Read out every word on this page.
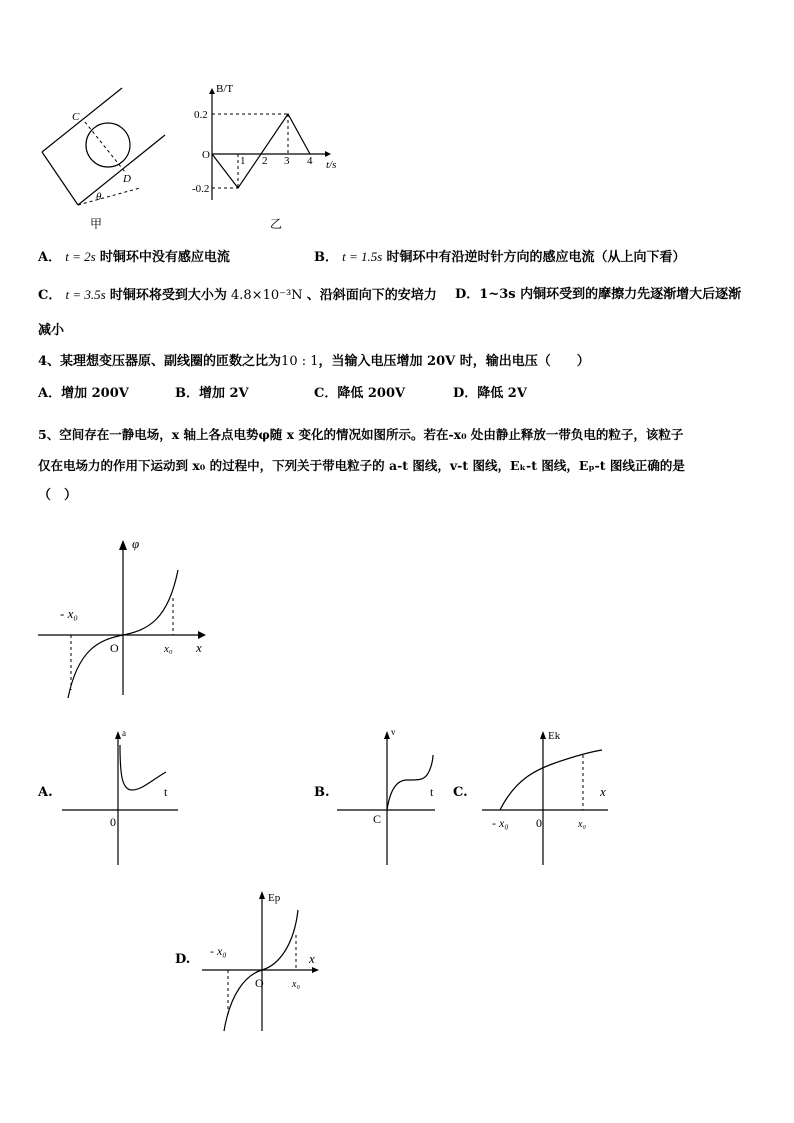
C
D
θ
甲
B/T
0.2
O
-0.2
1 2 3 4 t/s
乙
A． t = 2s 时铜环中没有感应电流	B． t = 1.5s 时铜环中有沿逆时针方向的感应电流（从上向下看）
C． t = 3.5s 时铜环将受到大小为 4.8×10⁻³N 、沿斜面向下的安培力 D．1~3s 内铜环受到的摩擦力先逐渐增大后逐渐
减小
4、某理想变压器原、副线圈的匝数之比为10 : 1，当输入电压增加 20V 时，输出电压（　　）
A．增加 200V	B．增加 2V	C．降低 200V	D．降低 2V
5、空间存在一静电场，x 轴上各点电势φ随 x 变化的情况如图所示。若在-x₀ 处由静止释放一带负电的粒子，该粒子
仅在电场力的作用下运动到 x₀ 的过程中，下列关于带电粒子的 a-t 图线，v-t 图线，Eₖ-t 图线，Eₚ-t 图线正确的是
（　）
φ
- x₀
O	x₀ x
A.
a
t
0
B.
v
t
C
C.
Ek
x
- x₀ 0	x₀
D.
Ep
- x₀	x
O	x₀
